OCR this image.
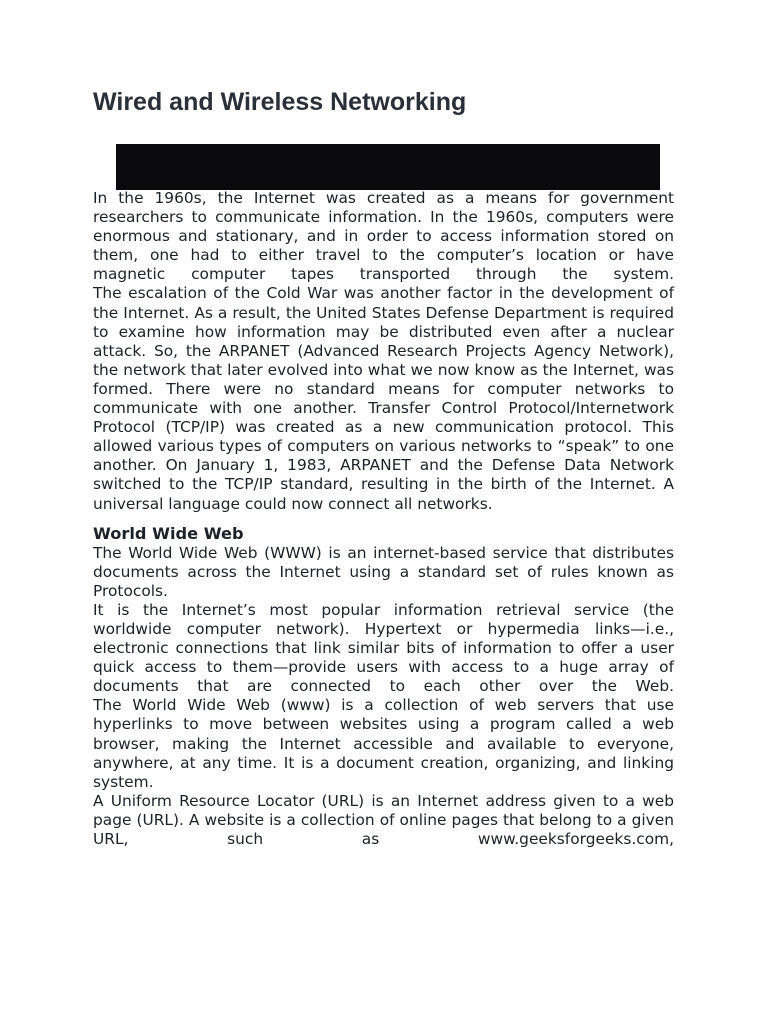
Wired and Wireless Networking

In the 1960s, the Internet was created as a means for government researchers to communicate information. In the 1960s, computers were enormous and stationary, and in order to access information stored on them, one had to either travel to the computer’s location or have magnetic computer tapes transported through the system.

The escalation of the Cold War was another factor in the development of the Internet. As a result, the United States Defense Department is required to examine how information may be distributed even after a nuclear attack. So, the ARPANET (Advanced Research Projects Agency Network), the network that later evolved into what we now know as the Internet, was formed. There were no standard means for computer networks to communicate with one another. Transfer Control Protocol/Internetwork Protocol (TCP/IP) was created as a new communication protocol. This allowed various types of computers on various networks to “speak” to one another. On January 1, 1983, ARPANET and the Defense Data Network switched to the TCP/IP standard, resulting in the birth of the Internet. A universal language could now connect all networks.

World Wide Web

The World Wide Web (WWW) is an internet-based service that distributes documents across the Internet using a standard set of rules known as Protocols.

It is the Internet’s most popular information retrieval service (the worldwide computer network). Hypertext or hypermedia links—i.e., electronic connections that link similar bits of information to offer a user quick access to them—provide users with access to a huge array of documents that are connected to each other over the Web.

The World Wide Web (www) is a collection of web servers that use hyperlinks to move between websites using a program called a web browser, making the Internet accessible and available to everyone, anywhere, at any time. It is a document creation, organizing, and linking system.

A Uniform Resource Locator (URL) is an Internet address given to a web page (URL). A website is a collection of online pages that belong to a given URL, such as www.geeksforgeeks.com,
